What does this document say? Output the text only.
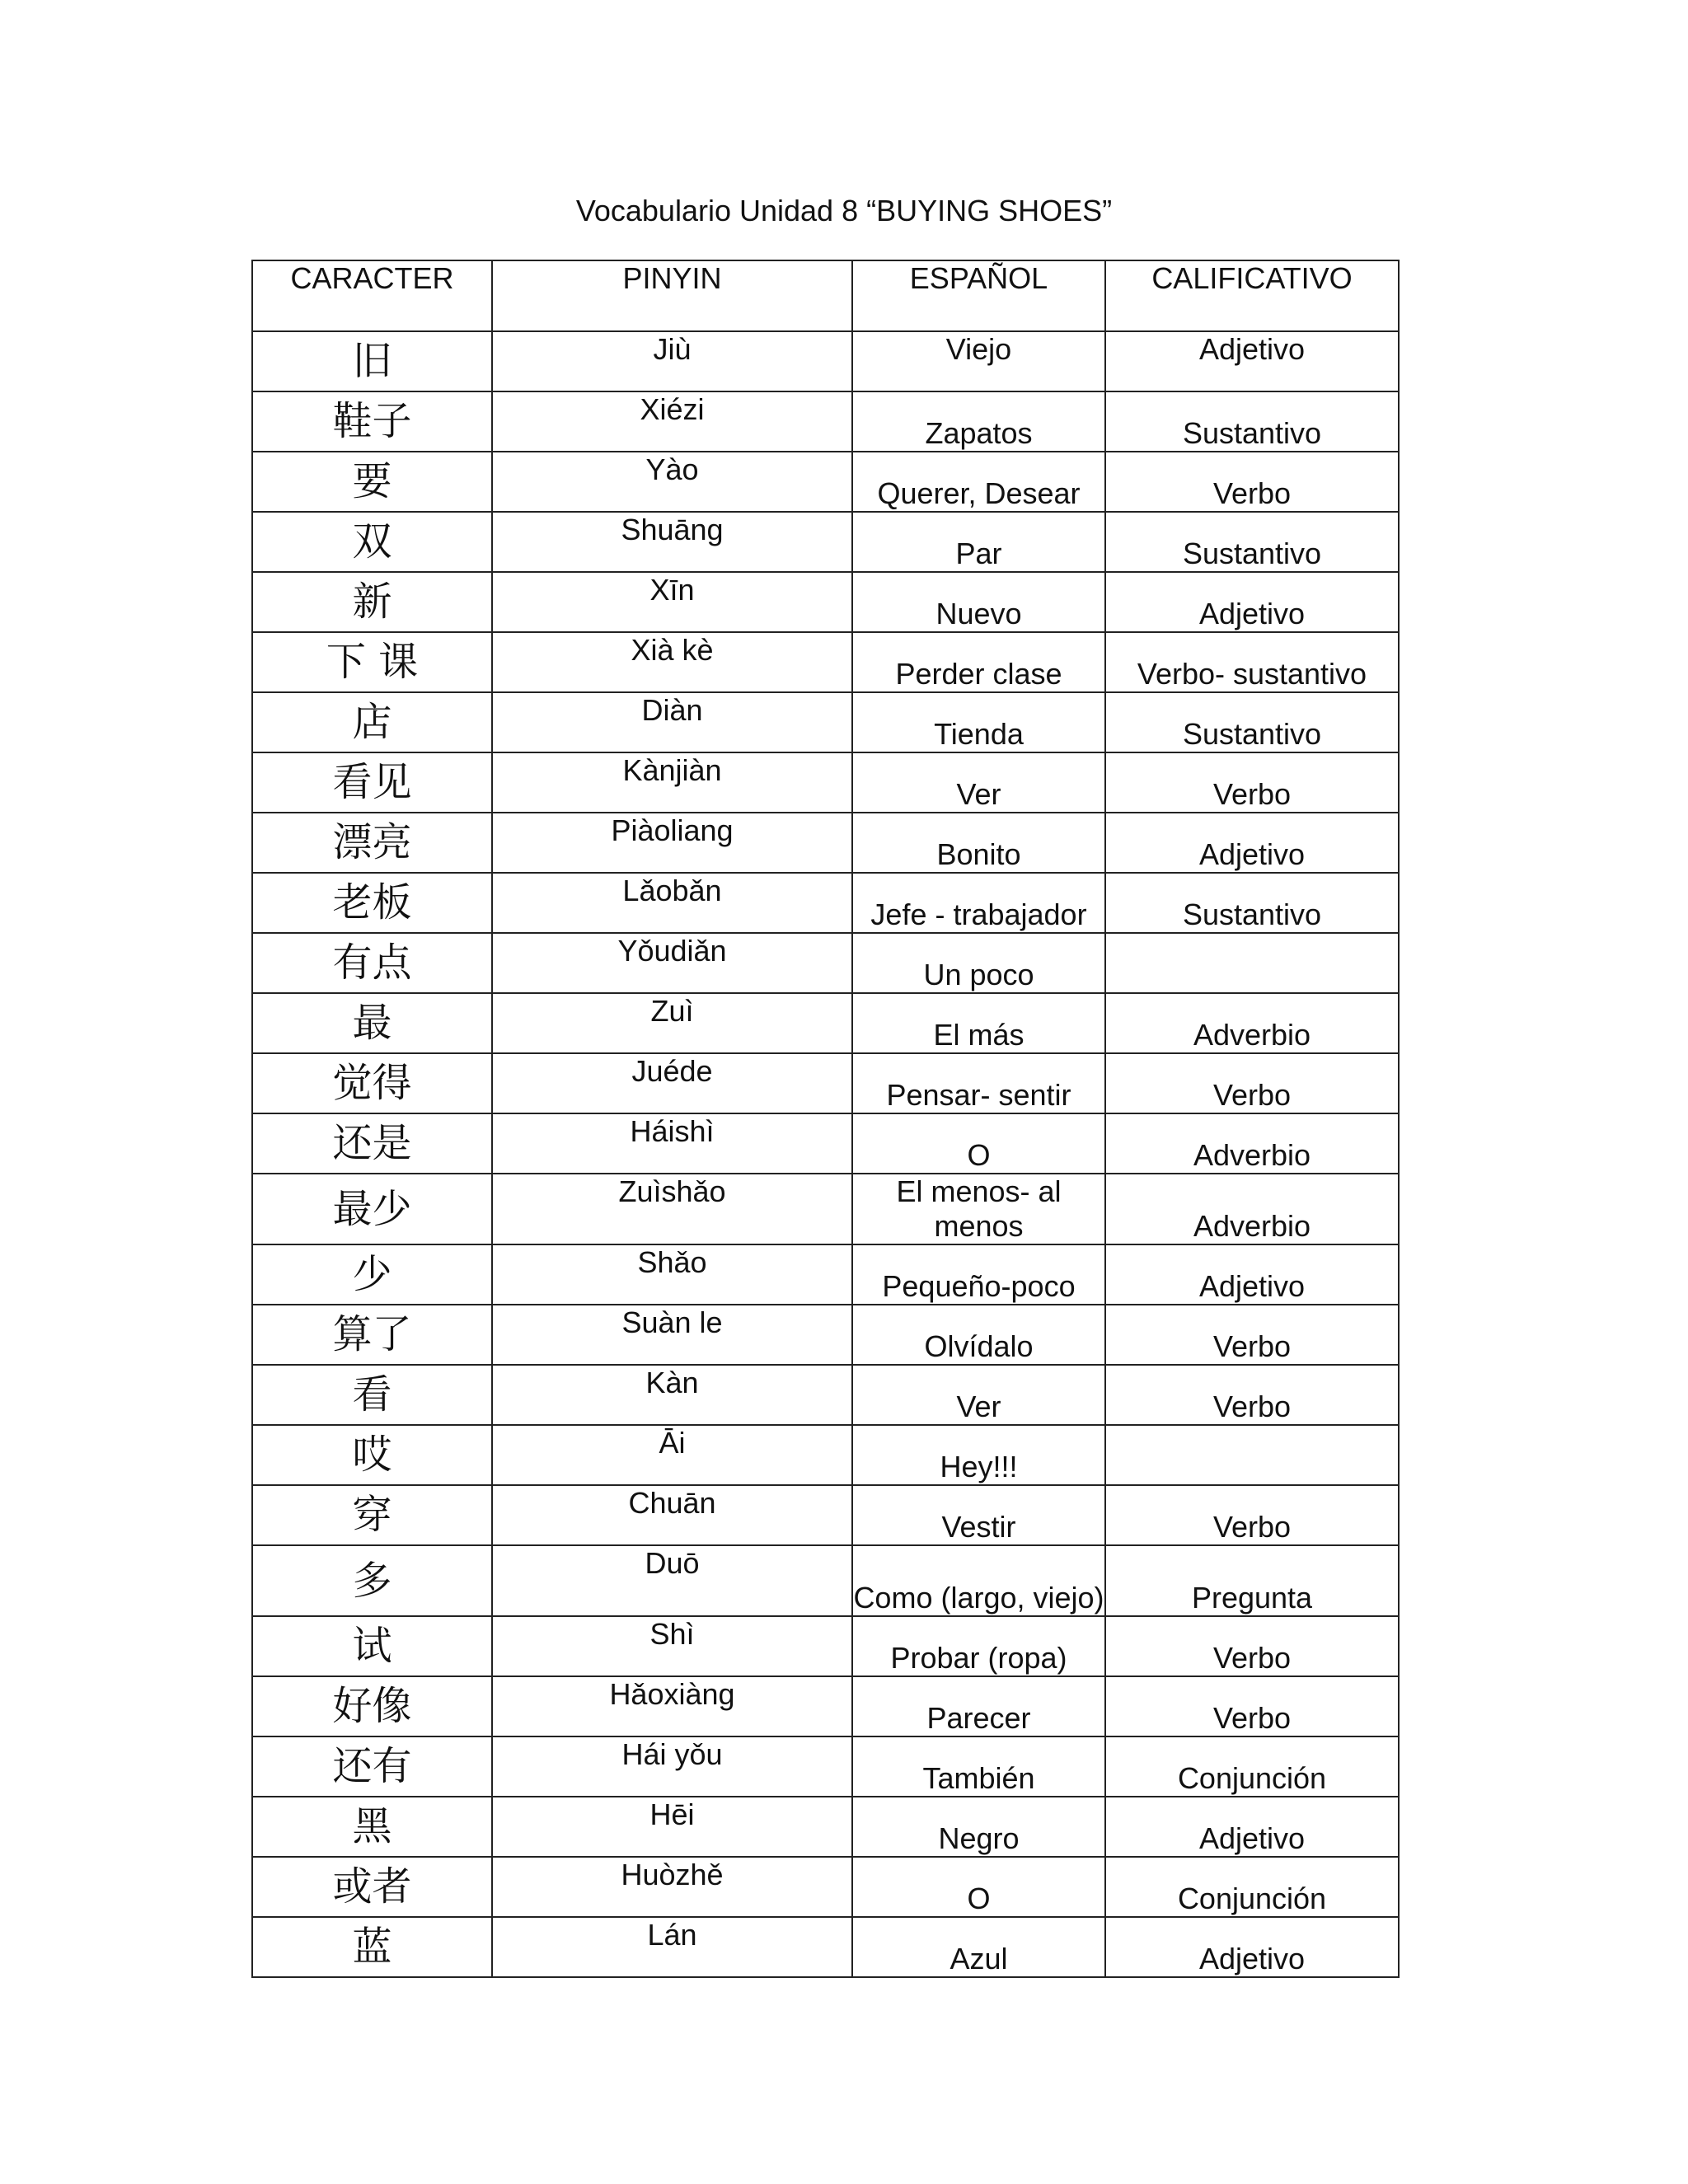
Vocabulario Unidad 8 “BUYING SHOES”
CARACTER	PINYIN	ESPAÑOL	CALIFICATIVO
旧	Jiù	Viejo	Adjetivo
鞋子	Xiézi	Zapatos	Sustantivo
要	Yào	Querer, Desear	Verbo
双	Shuāng	Par	Sustantivo
新	Xīn	Nuevo	Adjetivo
下 课	Xià kè	Perder clase	Verbo- sustantivo
店	Diàn	Tienda	Sustantivo
看见	Kànjiàn	Ver	Verbo
漂亮	Piàoliang	Bonito	Adjetivo
老板	Lǎobǎn	Jefe - trabajador	Sustantivo
有点	Yǒudiǎn	Un poco	
最	Zuì	El más	Adverbio
觉得	Juéde	Pensar- sentir	Verbo
还是	Háishì	O	Adverbio
最少	Zuìshǎo	El menos- al menos	Adverbio
少	Shǎo	Pequeño-poco	Adjetivo
算了	Suàn le	Olvídalo	Verbo
看	Kàn	Ver	Verbo
哎	Āi	Hey!!!	
穿	Chuān	Vestir	Verbo
多	Duō	Como (largo, viejo)	Pregunta
试	Shì	Probar (ropa)	Verbo
好像	Hǎoxiàng	Parecer	Verbo
还有	Hái yǒu	También	Conjunción
黑	Hēi	Negro	Adjetivo
或者	Huòzhě	O	Conjunción
蓝	Lán	Azul	Adjetivo
